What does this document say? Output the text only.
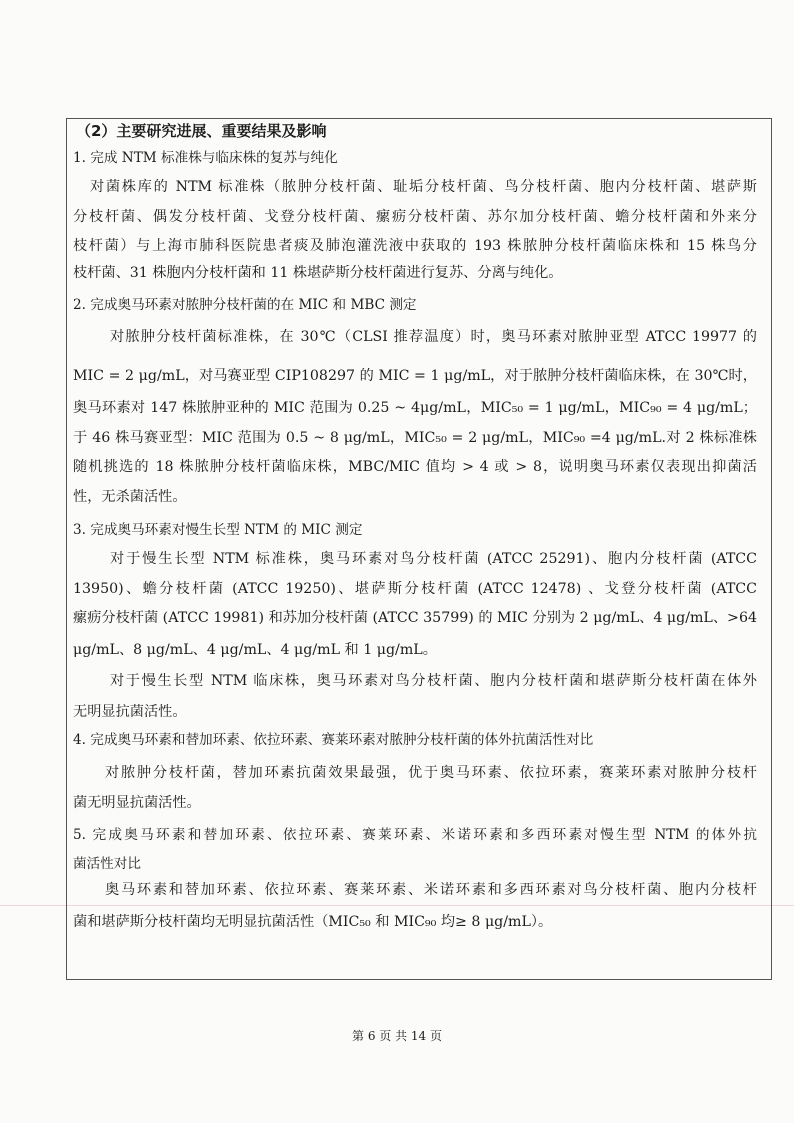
（2）主要研究进展、重要结果及影响
1. 完成 NTM 标准株与临床株的复苏与纯化
对菌株库的 NTM 标准株（脓肿分枝杆菌、耻垢分枝杆菌、鸟分枝杆菌、胞内分枝杆菌、堪萨斯
分枝杆菌、偶发分枝杆菌、戈登分枝杆菌、瘰疬分枝杆菌、苏尔加分枝杆菌、蟾分枝杆菌和外来分
枝杆菌）与上海市肺科医院患者痰及肺泡灌洗液中获取的 193 株脓肿分枝杆菌临床株和 15 株鸟分
枝杆菌、31 株胞内分枝杆菌和 11 株堪萨斯分枝杆菌进行复苏、分离与纯化。
2. 完成奥马环素对脓肿分枝杆菌的在 MIC 和 MBC 测定
对脓肿分枝杆菌标准株，在 30℃（CLSI 推荐温度）时，奥马环素对脓肿亚型 ATCC 19977 的
MIC = 2 μg/mL，对马赛亚型 CIP108297 的 MIC = 1 μg/mL，对于脓肿分枝杆菌临床株，在 30℃时，
奥马环素对 147 株脓肿亚种的 MIC 范围为 0.25 ~ 4μg/mL，MIC₅₀ = 1 μg/mL，MIC₉₀ = 4 μg/mL；
于 46 株马赛亚型：MIC 范围为 0.5 ~ 8 μg/mL，MIC₅₀ = 2 μg/mL，MIC₉₀ =4 μg/mL.对 2 株标准株
随机挑选的 18 株脓肿分枝杆菌临床株，MBC/MIC 值均 > 4 或 > 8，说明奥马环素仅表现出抑菌活
性，无杀菌活性。
3. 完成奥马环素对慢生长型 NTM 的 MIC 测定
对于慢生长型 NTM 标准株，奥马环素对鸟分枝杆菌 (ATCC 25291)、胞内分枝杆菌 (ATCC
13950)、蟾分枝杆菌 (ATCC 19250)、堪萨斯分枝杆菌 (ATCC 12478) 、戈登分枝杆菌 (ATCC
瘰疬分枝杆菌 (ATCC 19981) 和苏加分枝杆菌 (ATCC 35799) 的 MIC 分别为 2 μg/mL、4 μg/mL、>64
μg/mL、8 μg/mL、4 μg/mL、4 μg/mL 和 1 μg/mL。
对于慢生长型 NTM 临床株，奥马环素对鸟分枝杆菌、胞内分枝杆菌和堪萨斯分枝杆菌在体外
无明显抗菌活性。
4. 完成奥马环素和替加环素、依拉环素、赛莱环素对脓肿分枝杆菌的体外抗菌活性对比
对脓肿分枝杆菌，替加环素抗菌效果最强，优于奥马环素、依拉环素，赛莱环素对脓肿分枝杆
菌无明显抗菌活性。
5. 完成奥马环素和替加环素、依拉环素、赛莱环素、米诺环素和多西环素对慢生型 NTM 的体外抗
菌活性对比
奥马环素和替加环素、依拉环素、赛莱环素、米诺环素和多西环素对鸟分枝杆菌、胞内分枝杆
菌和堪萨斯分枝杆菌均无明显抗菌活性（MIC₅₀ 和 MIC₉₀ 均≥ 8 μg/mL）。
第 6 页 共 14 页
